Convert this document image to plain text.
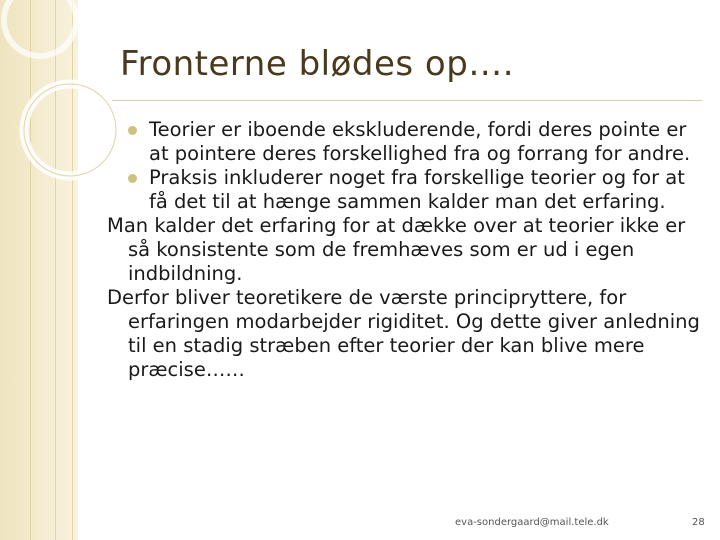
Fronterne blødes op….

Teorier er iboende ekskluderende, fordi deres pointe er at pointere deres forskellighed fra og forrang for andre.

Praksis inkluderer noget fra forskellige teorier og for at få det til at hænge sammen kalder man det erfaring.

Man kalder det erfaring for at dække over at teorier ikke er så konsistente som de fremhæves som er ud i egen indbildning.

Derfor bliver teoretikere de værste principryttere, for erfaringen modarbejder rigiditet. Og dette giver anledning til en stadig stræben efter teorier der kan blive mere præcise……

eva-sondergaard@mail.tele.dk	28
